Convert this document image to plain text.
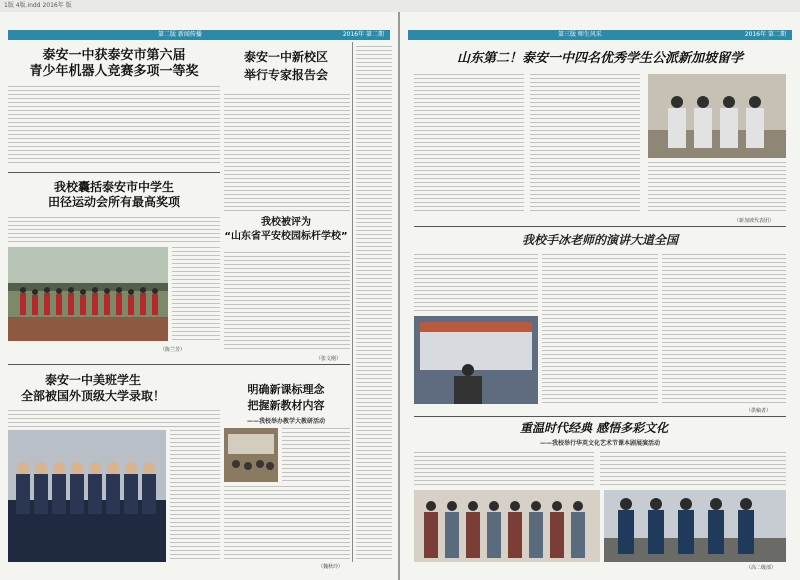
1版 4版.indd 2016年 版
第二版 新闻传播	2016年 第二期
泰安一中获泰安市第六届
青少年机器人竞赛多项一等奖
泰安一中新校区
举行专家报告会
我校囊括泰安市中学生
田径运动会所有最高奖项
（陈兰芳）
我校被评为
“山东省平安校园标杆学校”
（张文刚）
泰安一中美班学生
全部被国外顶级大学录取！	明确新课标理念
把握新教材内容
——我校举办教学大教研活动
（魏秋玲）
第三版 师生风采	2016年 第二期
山东第二！泰安一中四名优秀学生公派新加坡留学
（新加坡代表团）
我校手冰老师的演讲大道全国
（供稿者）
重温时代经典 感悟多彩文化
——我校举行华英文化艺术节课本剧展演活动
（高二级部）
